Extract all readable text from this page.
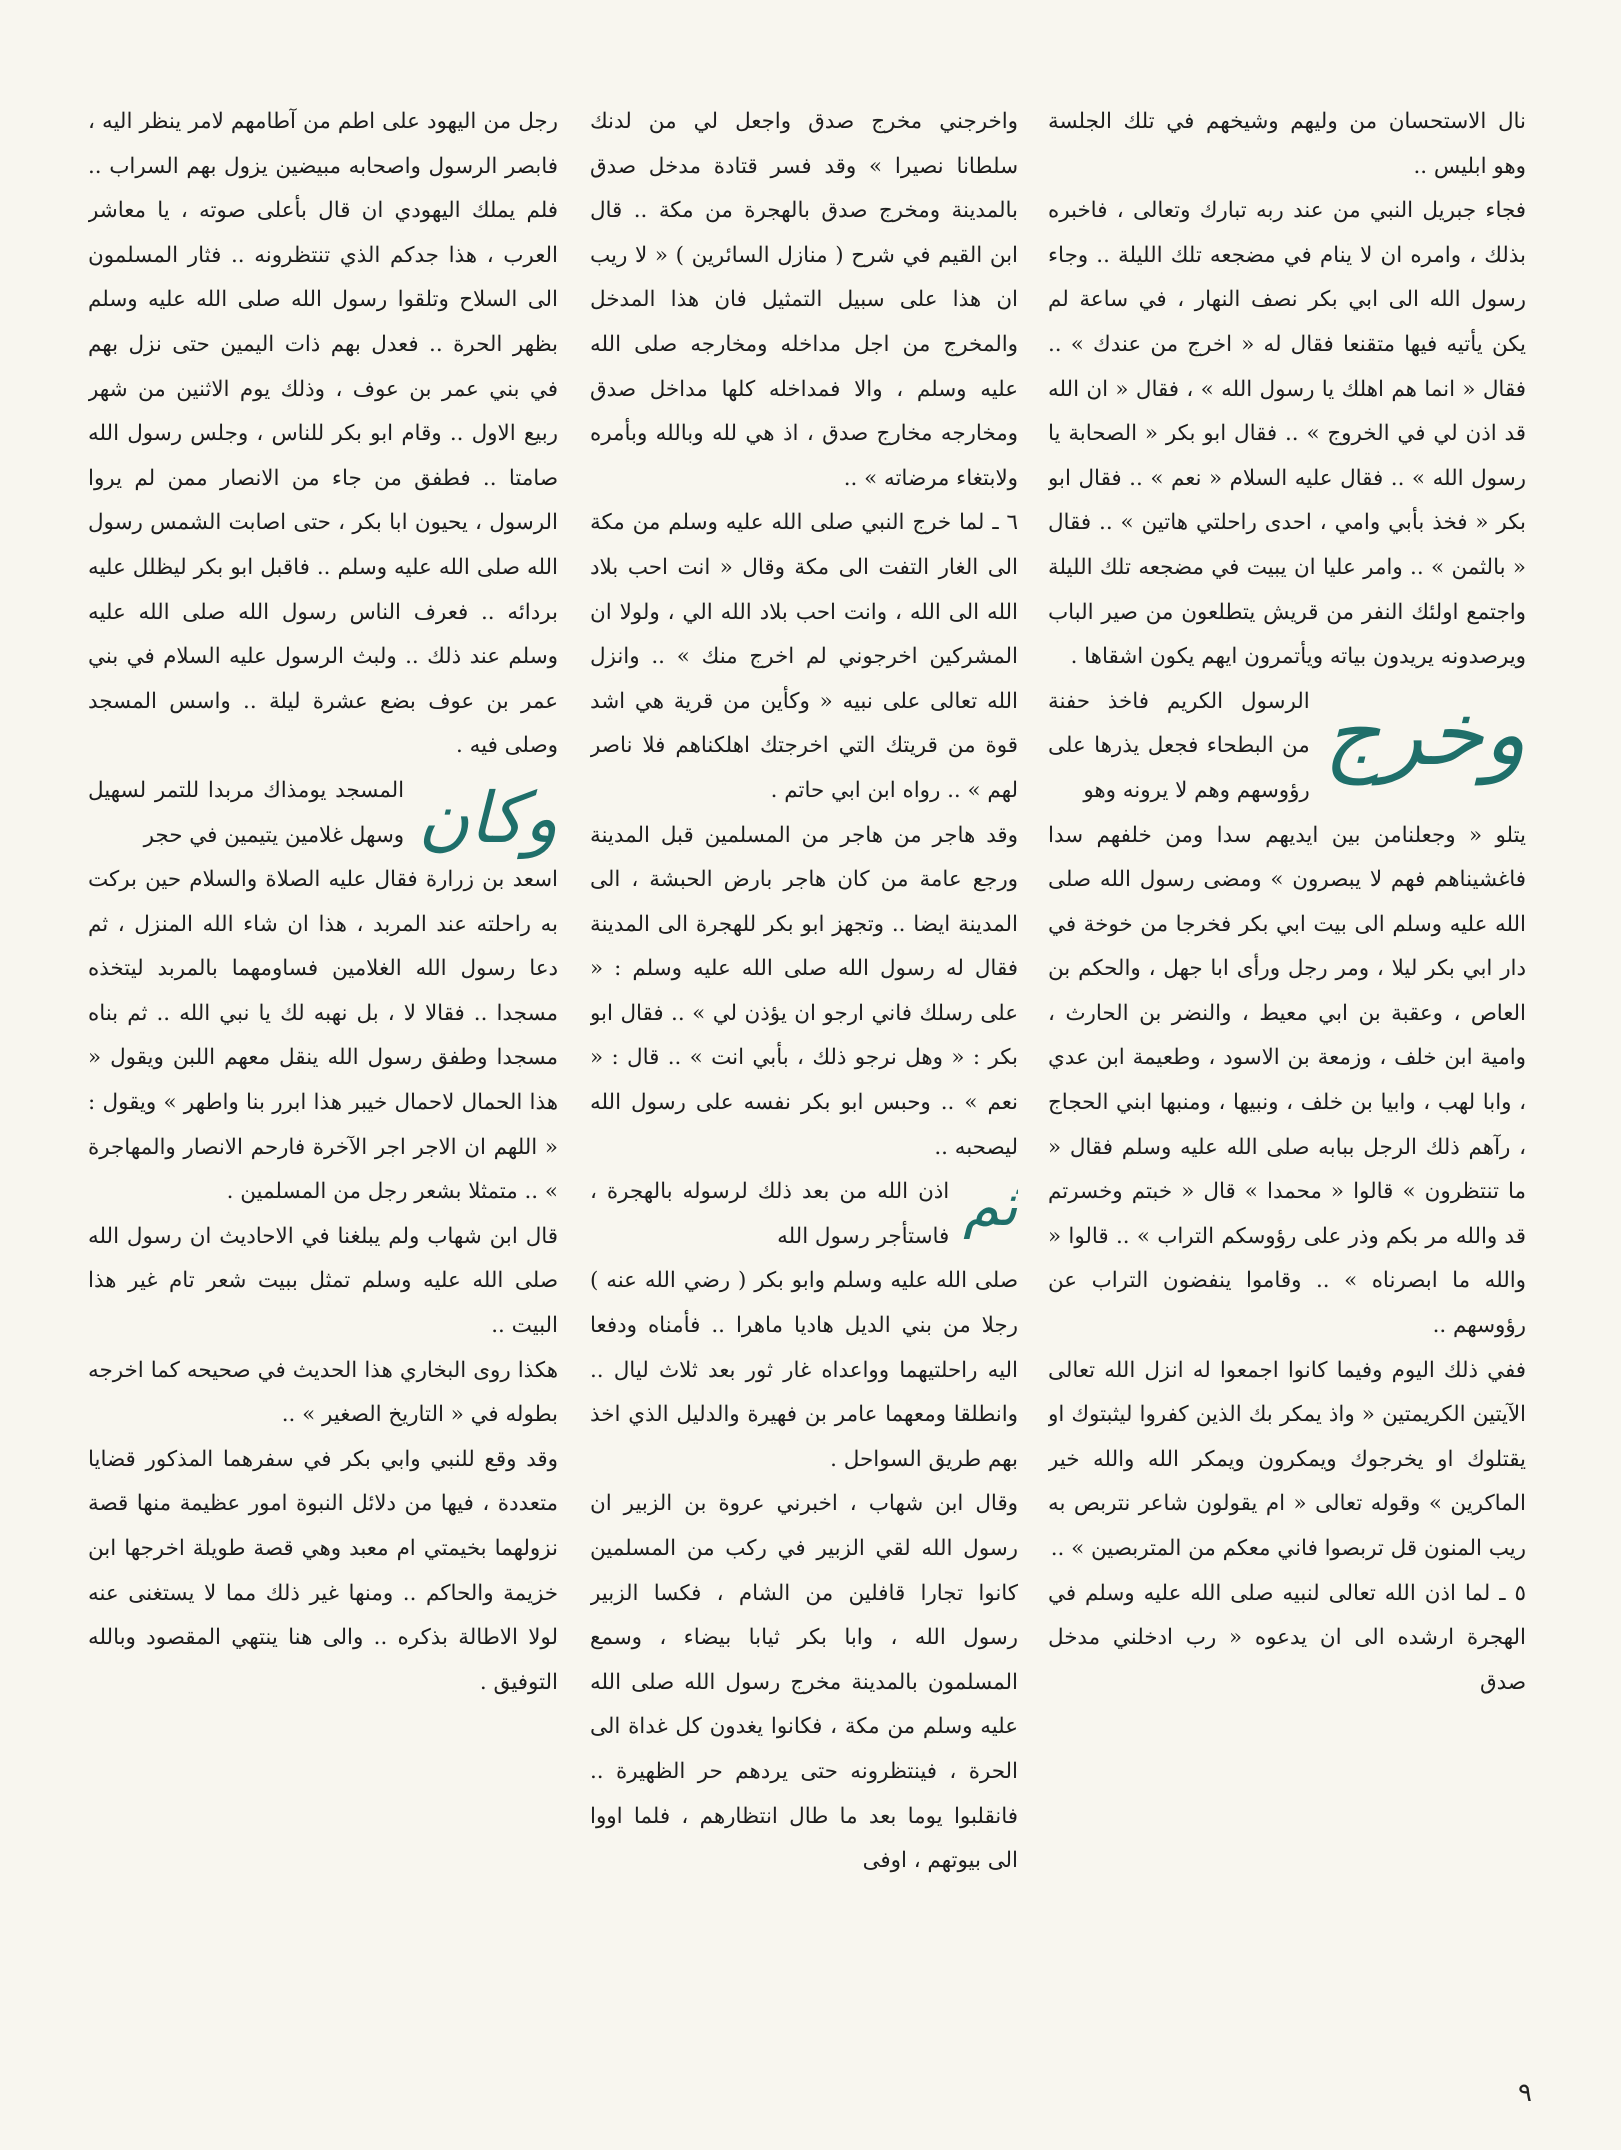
نال الاستحسان من وليهم وشيخهم في تلك الجلسة وهو ابليس ..

فجاء جبريل النبي من عند ربه تبارك وتعالى ، فاخبره بذلك ، وامره ان لا ينام في مضجعه تلك الليلة .. وجاء رسول الله الى ابي بكر نصف النهار ، في ساعة لم يكن يأتيه فيها متقنعا فقال له « اخرج من عندك » .. فقال « انما هم اهلك يا رسول الله » ، فقال « ان الله قد اذن لي في الخروج » .. فقال ابو بكر « الصحابة يا رسول الله » .. فقال عليه السلام « نعم » .. فقال ابو بكر « فخذ بأبي وامي ، احدى راحلتي هاتين » .. فقال « بالثمن » .. وامر عليا ان يبيت في مضجعه تلك الليلة واجتمع اولئك النفر من قريش يتطلعون من صير الباب ويرصدونه يريدون بياته ويأتمرون ايهم يكون اشقاها .

وخرج
الرسول الكريم فاخذ حفنة من البطحاء فجعل يذرها على رؤوسهم وهم لا يرونه وهو

يتلو « وجعلنامن بين ايديهم سدا ومن خلفهم سدا فاغشيناهم فهم لا يبصرون » ومضى رسول الله صلى الله عليه وسلم الى بيت ابي بكر فخرجا من خوخة في دار ابي بكر ليلا ، ومر رجل ورأى ابا جهل ، والحكم بن العاص ، وعقبة بن ابي معيط ، والنضر بن الحارث ، وامية ابن خلف ، وزمعة بن الاسود ، وطعيمة ابن عدي ، وابا لهب ، وابيا بن خلف ، ونبيها ، ومنبها ابني الحجاج ، رآهم ذلك الرجل ببابه صلى الله عليه وسلم فقال « ما تنتظرون » قالوا « محمدا » قال « خبتم وخسرتم قد والله مر بكم وذر على رؤوسكم التراب » .. قالوا « والله ما ابصرناه » .. وقاموا ينفضون التراب عن رؤوسهم ..

ففي ذلك اليوم وفيما كانوا اجمعوا له انزل الله تعالى الآيتين الكريمتين « واذ يمكر بك الذين كفروا ليثبتوك او يقتلوك او يخرجوك ويمكرون ويمكر الله والله خير الماكرين » وقوله تعالى « ام يقولون شاعر نتربص به ريب المنون قل تربصوا فاني معكم من المتربصين » ..

٥ ـ لما اذن الله تعالى لنبيه صلى الله عليه وسلم في الهجرة ارشده الى ان يدعوه « رب ادخلني مدخل صدق

واخرجني مخرج صدق واجعل لي من لدنك سلطانا نصيرا » وقد فسر قتادة مدخل صدق بالمدينة ومخرج صدق بالهجرة من مكة .. قال ابن القيم في شرح ( منازل السائرين ) « لا ريب ان هذا على سبيل التمثيل فان هذا المدخل والمخرج من اجل مداخله ومخارجه صلى الله عليه وسلم ، والا فمداخله كلها مداخل صدق ومخارجه مخارج صدق ، اذ هي لله وبالله وبأمره ولابتغاء مرضاته » ..

٦ ـ لما خرج النبي صلى الله عليه وسلم من مكة الى الغار التفت الى مكة وقال « انت احب بلاد الله الى الله ، وانت احب بلاد الله الي ، ولولا ان المشركين اخرجوني لم اخرج منك » .. وانزل الله تعالى على نبيه « وكأين من قرية هي اشد قوة من قريتك التي اخرجتك اهلكناهم فلا ناصر لهم » .. رواه ابن ابي حاتم .

وقد هاجر من هاجر من المسلمين قبل المدينة ورجع عامة من كان هاجر بارض الحبشة ، الى المدينة ايضا .. وتجهز ابو بكر للهجرة الى المدينة فقال له رسول الله صلى الله عليه وسلم : « على رسلك فاني ارجو ان يؤذن لي » .. فقال ابو بكر : « وهل نرجو ذلك ، بأبي انت » .. قال : « نعم » .. وحبس ابو بكر نفسه على رسول الله ليصحبه ..

ثم
اذن الله من بعد ذلك لرسوله بالهجرة ، فاستأجر رسول الله

صلى الله عليه وسلم وابو بكر ( رضي الله عنه ) رجلا من بني الديل هاديا ماهرا .. فأمناه ودفعا اليه راحلتيهما وواعداه غار ثور بعد ثلاث ليال .. وانطلقا ومعهما عامر بن فهيرة والدليل الذي اخذ بهم طريق السواحل .

وقال ابن شهاب ، اخبرني عروة بن الزبير ان رسول الله لقي الزبير في ركب من المسلمين كانوا تجارا قافلين من الشام ، فكسا الزبير رسول الله ، وابا بكر ثيابا بيضاء ، وسمع المسلمون بالمدينة مخرج رسول الله صلى الله عليه وسلم من مكة ، فكانوا يغدون كل غداة الى الحرة ، فينتظرونه حتى يردهم حر الظهيرة .. فانقلبوا يوما بعد ما طال انتظارهم ، فلما اووا الى بيوتهم ، اوفى

رجل من اليهود على اطم من آطامهم لامر ينظر اليه ، فابصر الرسول واصحابه مبيضين يزول بهم السراب .. فلم يملك اليهودي ان قال بأعلى صوته ، يا معاشر العرب ، هذا جدكم الذي تنتظرونه .. فثار المسلمون الى السلاح وتلقوا رسول الله صلى الله عليه وسلم بظهر الحرة .. فعدل بهم ذات اليمين حتى نزل بهم في بني عمر بن عوف ، وذلك يوم الاثنين من شهر ربيع الاول .. وقام ابو بكر للناس ، وجلس رسول الله صامتا .. فطفق من جاء من الانصار ممن لم يروا الرسول ، يحيون ابا بكر ، حتى اصابت الشمس رسول الله صلى الله عليه وسلم .. فاقبل ابو بكر ليظلل عليه بردائه .. فعرف الناس رسول الله صلى الله عليه وسلم عند ذلك .. ولبث الرسول عليه السلام في بني عمر بن عوف بضع عشرة ليلة .. واسس المسجد وصلى فيه .

وكان
المسجد يومذاك مربدا للتمر لسهيل وسهل غلامين يتيمين في حجر

اسعد بن زرارة فقال عليه الصلاة والسلام حين بركت به راحلته عند المربد ، هذا ان شاء الله المنزل ، ثم دعا رسول الله الغلامين فساومهما بالمربد ليتخذه مسجدا .. فقالا لا ، بل نهبه لك يا نبي الله .. ثم بناه مسجدا وطفق رسول الله ينقل معهم اللبن ويقول « هذا الحمال لاحمال خيبر هذا ابرر بنا واطهر » ويقول : « اللهم ان الاجر اجر الآخرة فارحم الانصار والمهاجرة » .. متمثلا بشعر رجل من المسلمين .

قال ابن شهاب ولم يبلغنا في الاحاديث ان رسول الله صلى الله عليه وسلم تمثل ببيت شعر تام غير هذا البيت ..

هكذا روى البخاري هذا الحديث في صحيحه كما اخرجه بطوله في « التاريخ الصغير » ..

وقد وقع للنبي وابي بكر في سفرهما المذكور قضايا متعددة ، فيها من دلائل النبوة امور عظيمة منها قصة نزولهما بخيمتي ام معبد وهي قصة طويلة اخرجها ابن خزيمة والحاكم .. ومنها غير ذلك مما لا يستغنى عنه لولا الاطالة بذكره .. والى هنا ينتهي المقصود وبالله التوفيق .

٩
